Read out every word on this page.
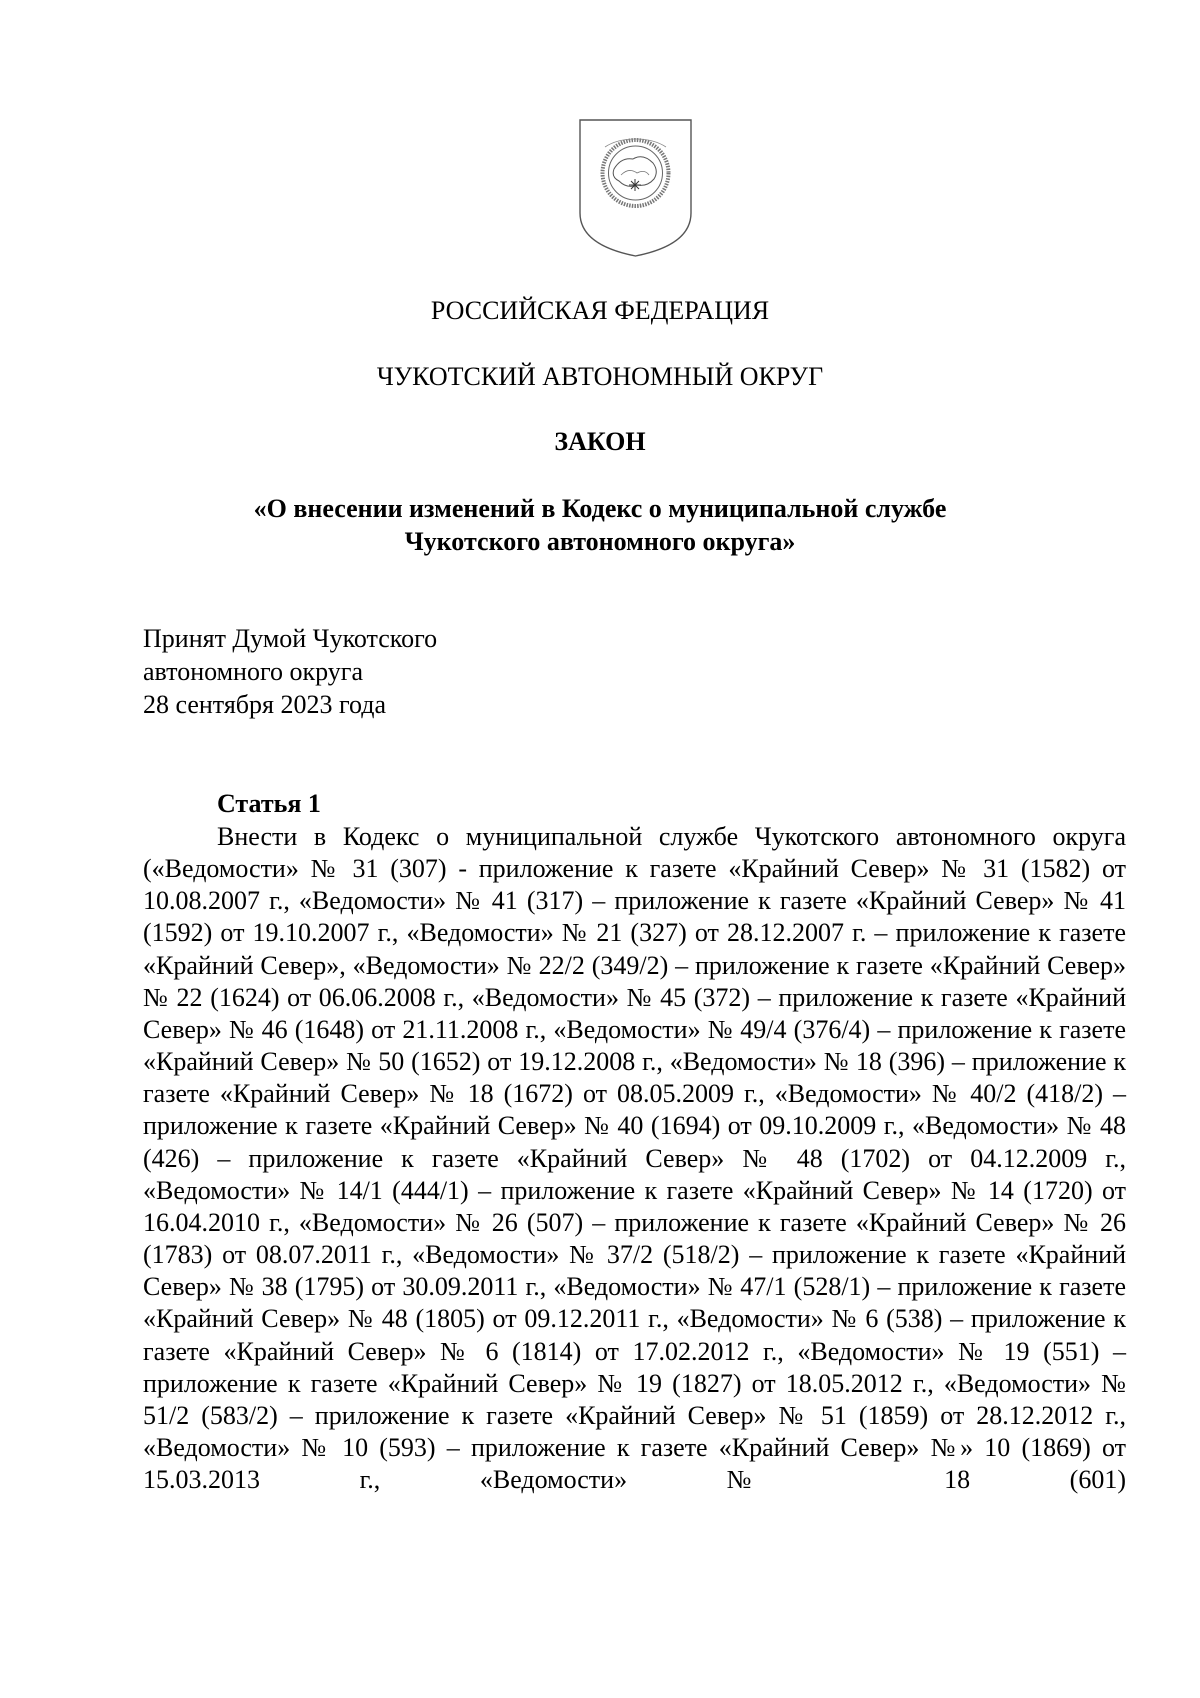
РОССИЙСКАЯ ФЕДЕРАЦИЯ
ЧУКОТСКИЙ АВТОНОМНЫЙ ОКРУГ
ЗАКОН
«О внесении изменений в Кодекс о муниципальной службе
Чукотского автономного округа»
Принят Думой Чукотского
автономного округа
28 сентября 2023 года
Статья 1

Внести в Кодекс о муниципальной службе Чукотского автономного округа («Ведомости» № 31 (307) - приложение к газете «Крайний Север» № 31 (1582) от 10.08.2007 г., «Ведомости» № 41 (317) – приложение к газете «Крайний Север» № 41 (1592) от 19.10.2007 г., «Ведомости» № 21 (327) от 28.12.2007 г. – приложение к газете «Крайний Север», «Ведомости» № 22/2 (349/2) – приложение к газете «Крайний Север» № 22 (1624) от 06.06.2008 г., «Ведомости» № 45 (372) – приложение к газете «Крайний Север» № 46 (1648) от 21.11.2008 г., «Ведомости» № 49/4 (376/4) – приложение к газете «Крайний Север» № 50 (1652) от 19.12.2008 г., «Ведомости» № 18 (396) – приложение к газете «Крайний Север» № 18 (1672) от 08.05.2009 г., «Ведомости» № 40/2 (418/2) – приложение к газете «Крайний Север» № 40 (1694) от 09.10.2009 г., «Ведомости» № 48 (426) – приложение к газете «Крайний Север» № 48 (1702) от 04.12.2009 г., «Ведомости» № 14/1 (444/1) – приложение к газете «Крайний Север» № 14 (1720) от 16.04.2010 г., «Ведомости» № 26 (507) – приложение к газете «Крайний Север» № 26 (1783) от 08.07.2011 г., «Ведомости» № 37/2 (518/2) – приложение к газете «Крайний Север» № 38 (1795) от 30.09.2011 г., «Ведомости» № 47/1 (528/1) – приложение к газете «Крайний Север» № 48 (1805) от 09.12.2011 г., «Ведомости» № 6 (538) – приложение к газете «Крайний Север» № 6 (1814) от 17.02.2012 г., «Ведомости» № 19 (551) – приложение к газете «Крайний Север» № 19 (1827) от 18.05.2012 г., «Ведомости» № 51/2 (583/2) – приложение к газете «Крайний Север» № 51 (1859) от 28.12.2012 г., «Ведомости» № 10 (593) – приложение к газете «Крайний Север» №» 10 (1869) от 15.03.2013 г., «Ведомости» № 18 (601)
